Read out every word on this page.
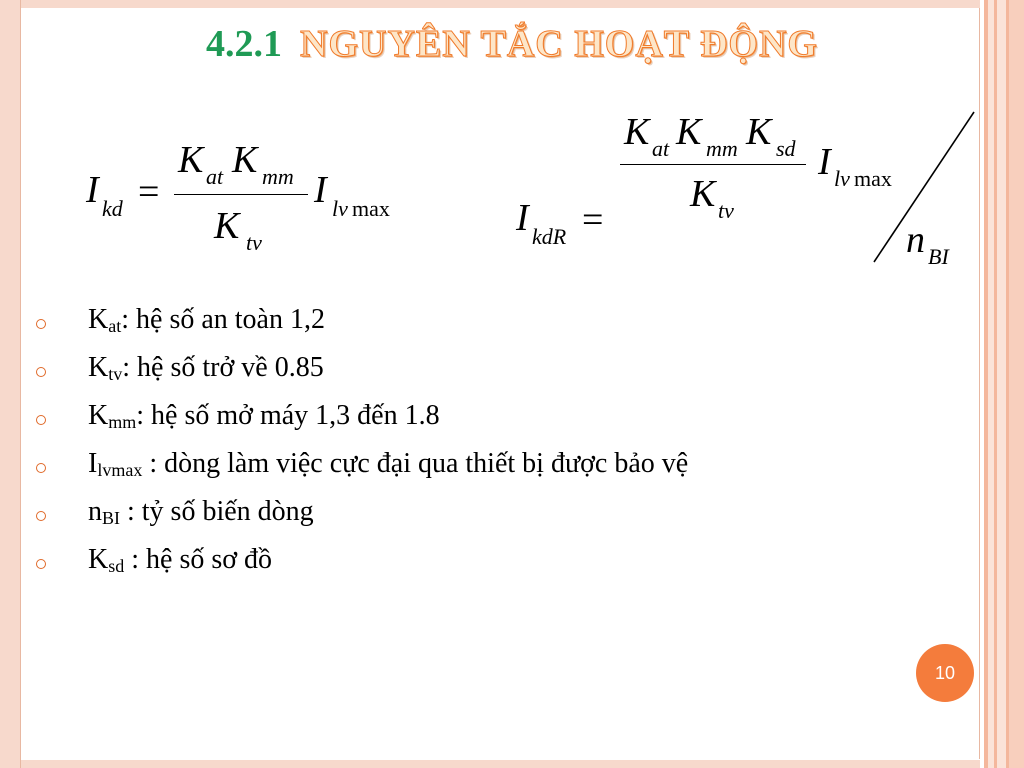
4.2.1 NGUYÊN TẮC HOẠT ĐỘNG
I kd =
K at K mm
K tv
I lv max	I kdR =
K at K mm K sd
K tv
I lv max
n BI
$K_{at}$: hệ số an toàn 1,2
$K_{tv}$: hệ số trở về 0.85
$K_{mm}$: hệ số mở máy 1,3 đến 1.8
$I_{lvmax}$ : dòng làm việc cực đại qua thiết bị được bảo vệ
$n_{BI}$ : tỷ số biến dòng
$K_{sd}$ : hệ số sơ đồ
10
